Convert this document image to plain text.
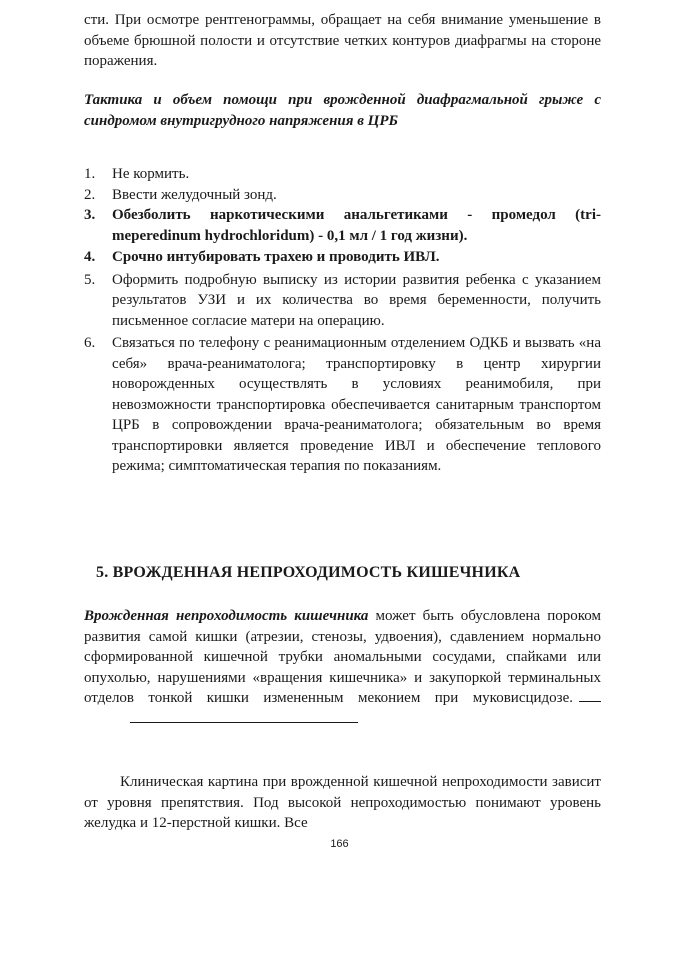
сти. При осмотре рентгенограммы, обращает на себя внимание уменьшение в объеме брюшной полости и отсутствие четких контуров диафрагмы на стороне поражения.

Тактика и объем помощи при врожденной диафрагмальной грыже с синдромом внутригрудного напряжения в ЦРБ

1.	Не кормить.
2.	Ввести желудочный зонд.
3.	Обезболить наркотическими анальгетиками - промедол (tri-meperedinum hydrochloridum) - 0,1 мл / 1 год жизни).
4.	Срочно интубировать трахею и проводить ИВЛ.
5.	Оформить подробную выписку из истории развития ребенка с указанием результатов УЗИ и их количества во время беременности, получить письменное согласие матери на операцию.
6.	Связаться по телефону с реанимационным отделением ОДКБ и вызвать «на себя» врача-реаниматолога; транспортировку в центр хирургии новорожденных осуществлять в условиях реанимобиля, при невозможности транспортировка обеспечивается санитарным транспортом ЦРБ в сопровождении врача-реаниматолога; обязательным во время транспортировки является проведение ИВЛ и обеспечение теплового режима; симптоматическая терапия по показаниям.
5. ВРОЖДЕННАЯ НЕПРОХОДИМОСТЬ КИШЕЧНИКА

Врожденная непроходимость кишечника может быть обусловлена пороком развития самой кишки (атрезии, стенозы, удвоения), сдавлением нормально сформированной кишечной трубки аномальными сосудами, спайками или опухолью, нарушениями «вращения кишечника» и закупоркой терминальных отделов тонкой кишки измененным меконием при муковисцидозе.

Клиническая картина при врожденной кишечной непроходимости зависит от уровня препятствия. Под высокой непроходимостью понимают уровень желудка и 12-перстной кишки. Все

166
